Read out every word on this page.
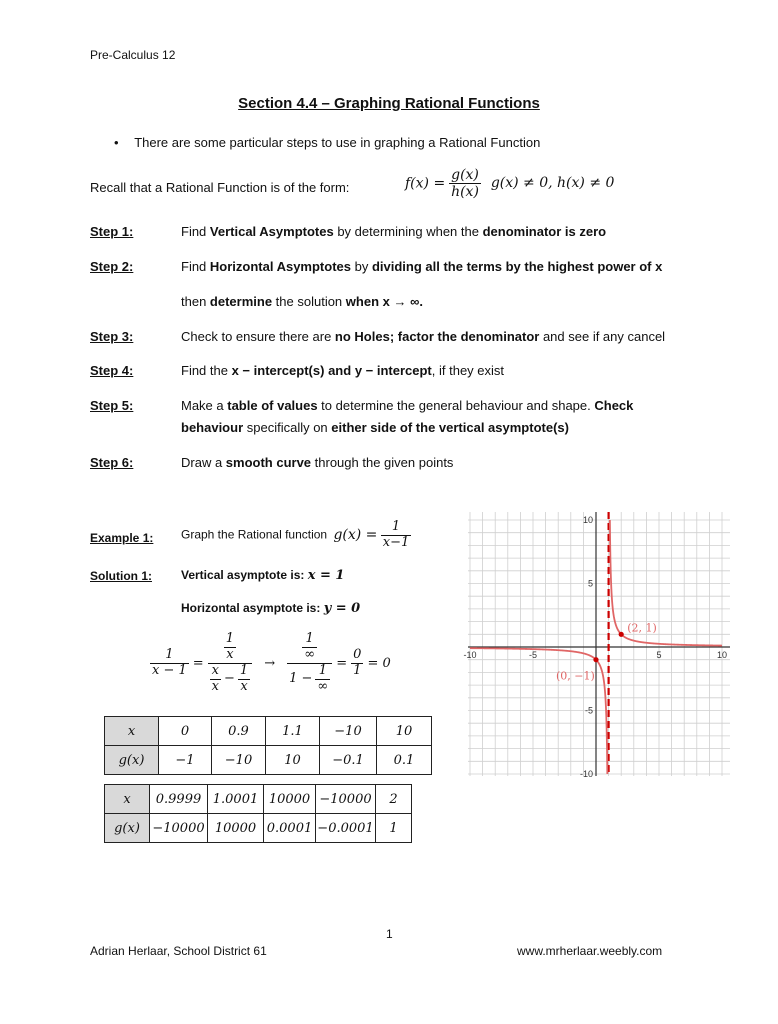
Pre-Calculus 12
Section 4.4 – Graphing Rational Functions
• There are some particular steps to use in graphing a Rational Function
Recall that a Rational Function is of the form:	$f(x) = \frac{g(x)}{h(x)} g(x) \ne 0$, h(x) ≠ 0
Step 1:	Find Vertical Asymptotes by determining when the denominator is zero
Step 2:	Find Horizontal Asymptotes by dividing all the terms by the highest power of x
then determine the solution when x → ∞.
Step 3:	Check to ensure there are no Holes; factor the denominator and see if any cancel
Step 4:	Find the x − intercept(s) and y − intercept, if they exist
Step 5:	Make a table of values to determine the general behaviour and shape. Check
behaviour specifically on either side of the vertical asymptote(s)
Step 6:	Draw a smooth curve through the given points
Example 1: Graph the Rational function $g(x) = \frac{1}{x-1}$
Solution 1: Vertical asymptote is: x = 1
Horizontal asymptote is: y = 0
$\frac{1}{x - 1} = 1$
x
$\frac{x}{x} - \frac{1}{x} \to 1$
∞
$1 - \frac{1}{\infty} = \frac{0}{1} = 0$
x	0	0.9	1.1	−10	10
g(x)	−1	−10	10	−0.1	0.1
x	0.9999	1.0001	10000	−10000	2
g(x)	−10000	10000	0.0001	−0.0001	1
-10	-5	5	10
10
5
-5
-10
(2, 1)
(0, −1)
1
Adrian Herlaar, School District 61	www.mrherlaar.weebly.com
